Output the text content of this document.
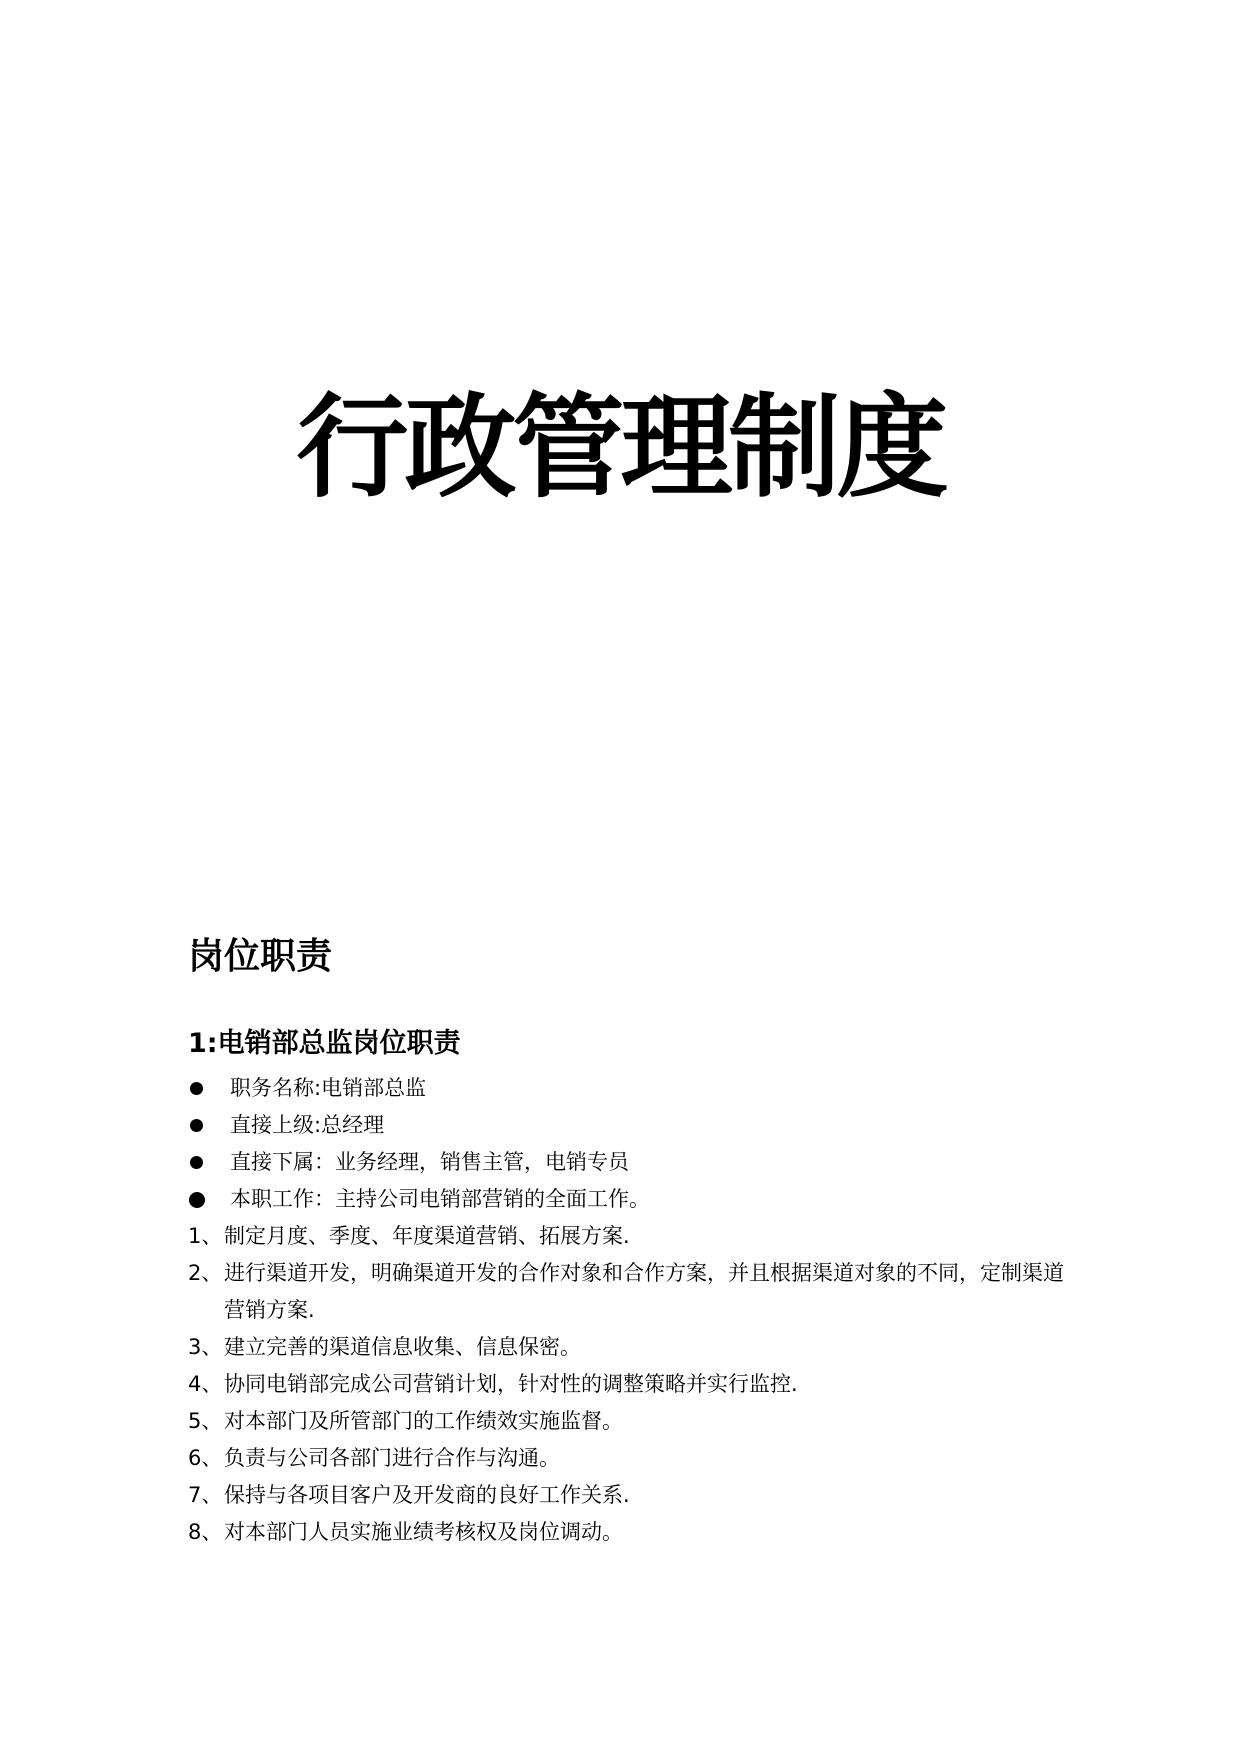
行政管理制度
岗位职责
1:电销部总监岗位职责
职务名称:电销部总监
直接上级:总经理
直接下属：业务经理，销售主管，电销专员
本职工作：主持公司电销部营销的全面工作。
1、 制定月度、季度、年度渠道营销、拓展方案.
2、 进行渠道开发，明确渠道开发的合作对象和合作方案，并且根据渠道对象的不同，定制渠道营销方案.
3、 建立完善的渠道信息收集、信息保密。
4、 协同电销部完成公司营销计划，针对性的调整策略并实行监控.
5、 对本部门及所管部门的工作绩效实施监督。
6、 负责与公司各部门进行合作与沟通。
7、 保持与各项目客户及开发商的良好工作关系.
8、 对本部门人员实施业绩考核权及岗位调动。
